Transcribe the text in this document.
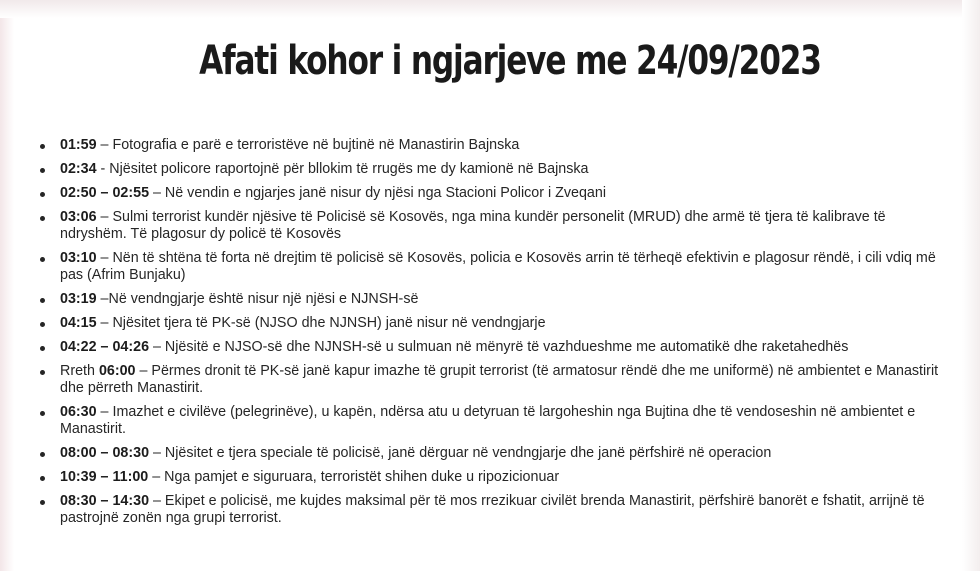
Afati kohor i ngjarjeve me 24/09/2023
01:59 – Fotografia e parë e terroristëve në bujtinë në Manastirin Bajnska
02:34 - Njësitet policore raportojnë për bllokim të rrugës me dy kamionë në Bajnska
02:50 – 02:55 – Në vendin e ngjarjes janë nisur dy njësi nga Stacioni Policor i Zveqani
03:06 – Sulmi terrorist kundër njësive të Policisë së Kosovës, nga mina kundër personelit (MRUD) dhe armë të tjera të kalibrave të ndryshëm. Të plagosur dy policë të Kosovës
03:10 – Nën të shtëna të forta në drejtim të policisë së Kosovës, policia e Kosovës arrin të tërheqë efektivin e plagosur rëndë, i cili vdiq më pas (Afrim Bunjaku)
03:19 –Në vendngjarje është nisur një njësi e NJNSH-së
04:15 – Njësitet tjera të PK-së (NJSO dhe NJNSH) janë nisur në vendngjarje
04:22 – 04:26 – Njësitë e NJSO-së dhe NJNSH-së u sulmuan në mënyrë të vazhdueshme me automatikë dhe raketahedhës
Rreth 06:00 – Përmes dronit të PK-së janë kapur imazhe të grupit terrorist (të armatosur rëndë dhe me uniformë) në ambientet e Manastirit dhe përreth Manastirit.
06:30 – Imazhet e civilëve (pelegrinëve), u kapën, ndërsa atu u detyruan të largoheshin nga Bujtina dhe të vendoseshin në ambientet e Manastirit.
08:00 – 08:30 – Njësitet e tjera speciale të policisë, janë dërguar në vendngjarje dhe janë përfshirë në operacion
10:39 – 11:00 – Nga pamjet e siguruara, terroristët shihen duke u ripozicionuar
08:30 – 14:30 – Ekipet e policisë, me kujdes maksimal për të mos rrezikuar civilët brenda Manastirit, përfshirë banorët e fshatit, arrijnë të pastrojnë zonën nga grupi terrorist.
